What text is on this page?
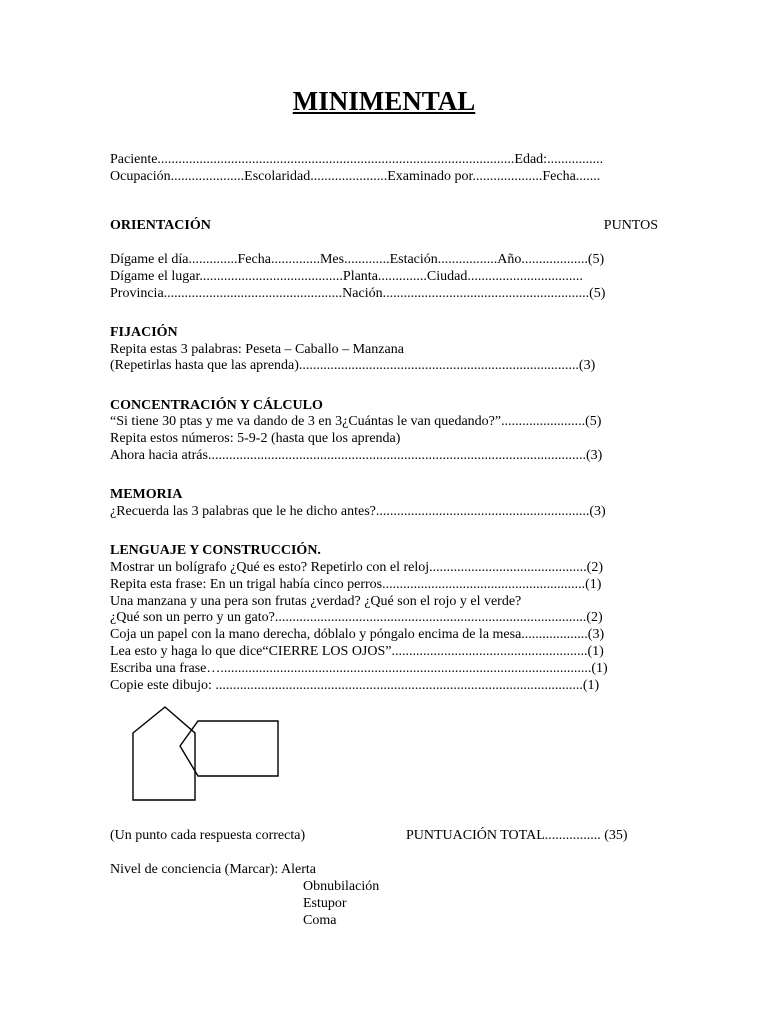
MINIMENTAL

Paciente......................................................................................................Edad:................

Ocupación.....................Escolaridad......................Examinado por....................Fecha.......

ORIENTACIÓN	PUNTOS

Dígame el día..............Fecha..............Mes.............Estación.................Año...................(5)

Dígame el lugar.........................................Planta..............Ciudad.................................

Provincia...................................................Nación...........................................................(5)

FIJACIÓN

Repita estas 3 palabras: Peseta – Caballo – Manzana

(Repetirlas hasta que las aprenda)................................................................................(3)

CONCENTRACIÓN Y CÁLCULO

“Si tiene 30 ptas y me va dando de 3 en 3¿Cuántas le van quedando?”........................(5)

Repita estos números: 5-9-2 (hasta que los aprenda)

Ahora hacia atrás............................................................................................................(3)

MEMORIA

¿Recuerda las 3 palabras que le he dicho antes?.............................................................(3)

LENGUAJE Y CONSTRUCCIÓN.

Mostrar un bolígrafo ¿Qué es esto? Repetirlo con el reloj.............................................(2)

Repita esta frase: En un trigal había cinco perros..........................................................(1)

Una manzana y una pera son frutas ¿verdad? ¿Qué son el rojo y el verde?

¿Qué son un perro y un gato?.........................................................................................(2)

Coja un papel con la mano derecha, dóblalo y póngalo encima de la mesa...................(3)

Lea esto y haga lo que dice“CIERRE LOS OJOS”........................................................(1)

Escriba una frase…..........................................................................................................(1)

Copie este dibujo: .........................................................................................................(1)

(Un punto cada respuesta correcta)	PUNTUACIÓN TOTAL................ (35)

Nivel de conciencia (Marcar): Alerta

Obnubilación

Estupor

Coma
